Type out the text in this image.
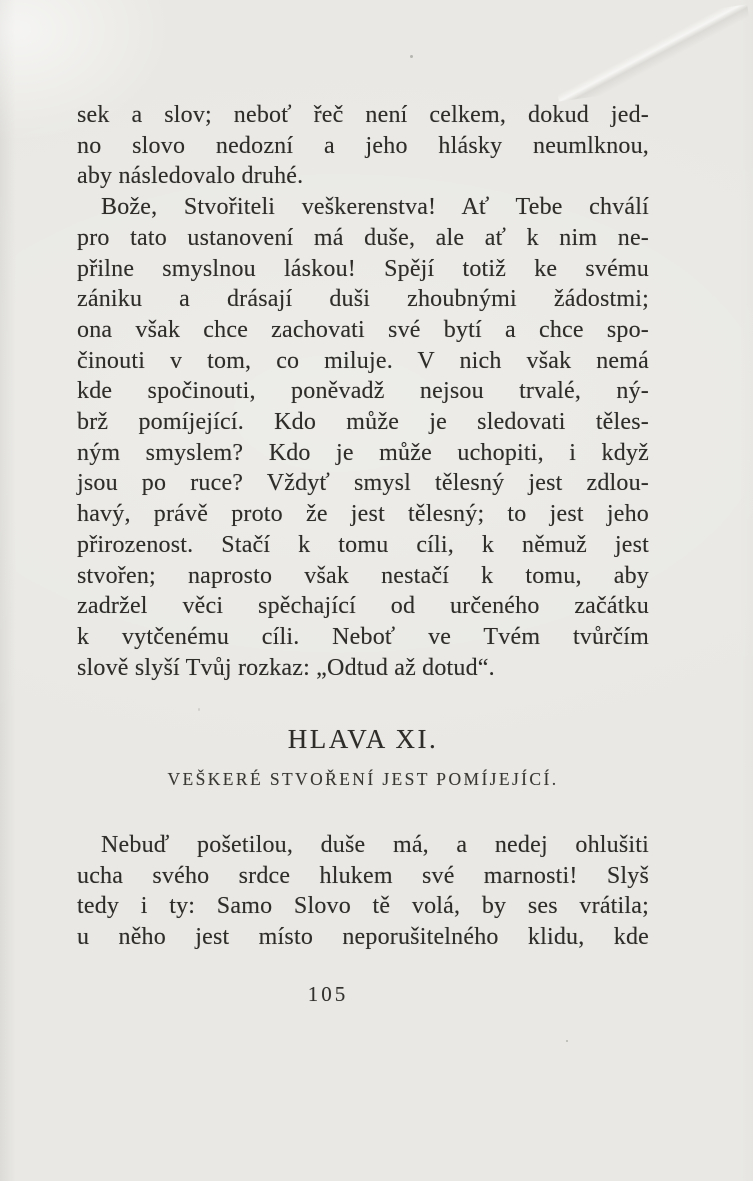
sek a slov; neboť řeč není celkem, dokud jed-

no slovo nedozní a jeho hlásky neumlknou,

aby následovalo druhé.

Bože, Stvořiteli veškerenstva! Ať Tebe chválí

pro tato ustanovení má duše, ale ať k nim ne-

přilne smyslnou láskou! Spějí totiž ke svému

zániku a drásají duši zhoubnými žádostmi;

ona však chce zachovati své bytí a chce spo-

činouti v tom, co miluje. V nich však nemá

kde spočinouti, poněvadž nejsou trvalé, ný-

brž pomíjející. Kdo může je sledovati těles-

ným smyslem? Kdo je může uchopiti, i když

jsou po ruce? Vždyť smysl tělesný jest zdlou-

havý, právě proto že jest tělesný; to jest jeho

přirozenost. Stačí k tomu cíli, k němuž jest

stvořen; naprosto však nestačí k tomu, aby

zadržel věci spěchající od určeného začátku

k vytčenému cíli. Neboť ve Tvém tvůrčím

slově slyší Tvůj rozkaz: „Odtud až dotud“.

HLAVA XI.
VEŠKERÉ STVOŘENÍ JEST POMÍJEJÍCÍ.

Nebuď pošetilou, duše má, a nedej ohlušiti

ucha svého srdce hlukem své marnosti! Slyš

tedy i ty: Samo Slovo tě volá, by ses vrátila;

u něho jest místo neporušitelného klidu, kde

105
